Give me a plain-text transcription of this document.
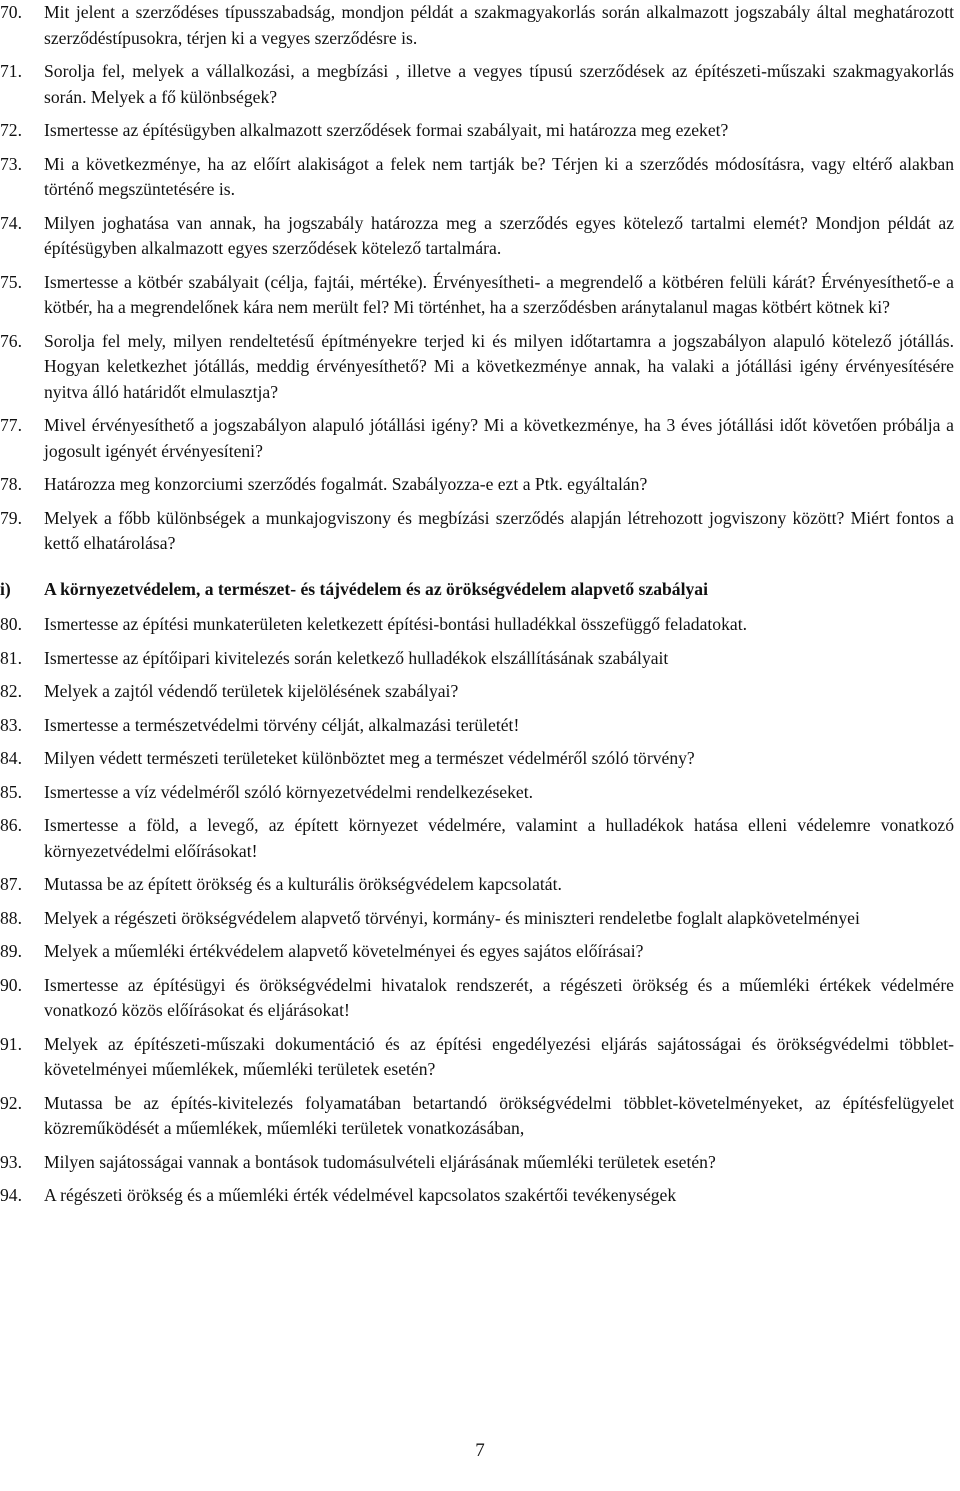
70.	Mit jelent a szerződéses típusszabadság, mondjon példát a szakmagyakorlás során alkalmazott jogszabály által meghatározott szerződéstípusokra, térjen ki a vegyes szerződésre is.
71.	Sorolja fel, melyek a vállalkozási, a megbízási , illetve a vegyes típusú szerződések az építészeti-műszaki szakmagyakorlás során. Melyek a fő különbségek?
72.	Ismertesse az építésügyben alkalmazott szerződések formai szabályait, mi határozza meg ezeket?
73.	Mi a következménye, ha az előírt alakiságot a felek nem tartják be? Térjen ki a szerződés módosításra, vagy eltérő alakban történő megszüntetésére is.
74.	Milyen joghatása van annak, ha jogszabály határozza meg a szerződés egyes kötelező tartalmi elemét? Mondjon példát az építésügyben alkalmazott egyes szerződések kötelező tartalmára.
75.	Ismertesse a kötbér szabályait (célja, fajtái, mértéke). Érvényesítheti- a megrendelő a kötbéren felüli kárát? Érvényesíthető-e a kötbér, ha a megrendelőnek kára nem merült fel? Mi történhet, ha a szerződésben aránytalanul magas kötbért kötnek ki?
76.	Sorolja fel mely, milyen rendeltetésű építményekre terjed ki és milyen időtartamra a jogszabályon alapuló kötelező jótállás. Hogyan keletkezhet jótállás, meddig érvényesíthető? Mi a következménye annak, ha valaki a jótállási igény érvényesítésére nyitva álló határidőt elmulasztja?
77.	Mivel érvényesíthető a jogszabályon alapuló jótállási igény? Mi a következménye, ha 3 éves jótállási időt követően próbálja a jogosult igényét érvényesíteni?
78.	Határozza meg konzorciumi szerződés fogalmát. Szabályozza-e ezt a Ptk. egyáltalán?
79.	Melyek a főbb különbségek a munkajogviszony és megbízási szerződés alapján létrehozott jogviszony között? Miért fontos a kettő elhatárolása?
i)	A környezetvédelem, a természet- és tájvédelem és az örökségvédelem alapvető szabályai
80.	Ismertesse az építési munkaterületen keletkezett építési-bontási hulladékkal összefüggő feladatokat.
81.	Ismertesse az építőipari kivitelezés során keletkező hulladékok elszállításának szabályait
82.	Melyek a zajtól védendő területek kijelölésének szabályai?
83.	Ismertesse a természetvédelmi törvény célját, alkalmazási területét!
84.	Milyen védett természeti területeket különböztet meg a természet védelméről szóló törvény?
85.	Ismertesse a víz védelméről szóló környezetvédelmi rendelkezéseket.
86.	Ismertesse a föld, a levegő, az épített környezet védelmére, valamint a hulladékok hatása elleni védelemre vonatkozó környezetvédelmi előírásokat!
87.	Mutassa be az épített örökség és a kulturális örökségvédelem kapcsolatát.
88.	Melyek a régészeti örökségvédelem alapvető törvényi, kormány- és miniszteri rendeletbe foglalt alapkövetelményei
89.	Melyek a műemléki értékvédelem alapvető követelményei és egyes sajátos előírásai?
90.	Ismertesse az építésügyi és örökségvédelmi hivatalok rendszerét, a régészeti örökség és a műemléki értékek védelmére vonatkozó közös előírásokat és eljárásokat!
91.	Melyek az építészeti-műszaki dokumentáció és az építési engedélyezési eljárás sajátosságai és örökségvédelmi többlet-követelményei műemlékek, műemléki területek esetén?
92.	Mutassa be az építés-kivitelezés folyamatában betartandó örökségvédelmi többlet-követelményeket, az építésfelügyelet közreműködését a műemlékek, műemléki területek vonatkozásában,
93.	Milyen sajátosságai vannak a bontások tudomásulvételi eljárásának műemléki területek esetén?
94.	A régészeti örökség és a műemléki érték védelmével kapcsolatos szakértői tevékenységek
7
